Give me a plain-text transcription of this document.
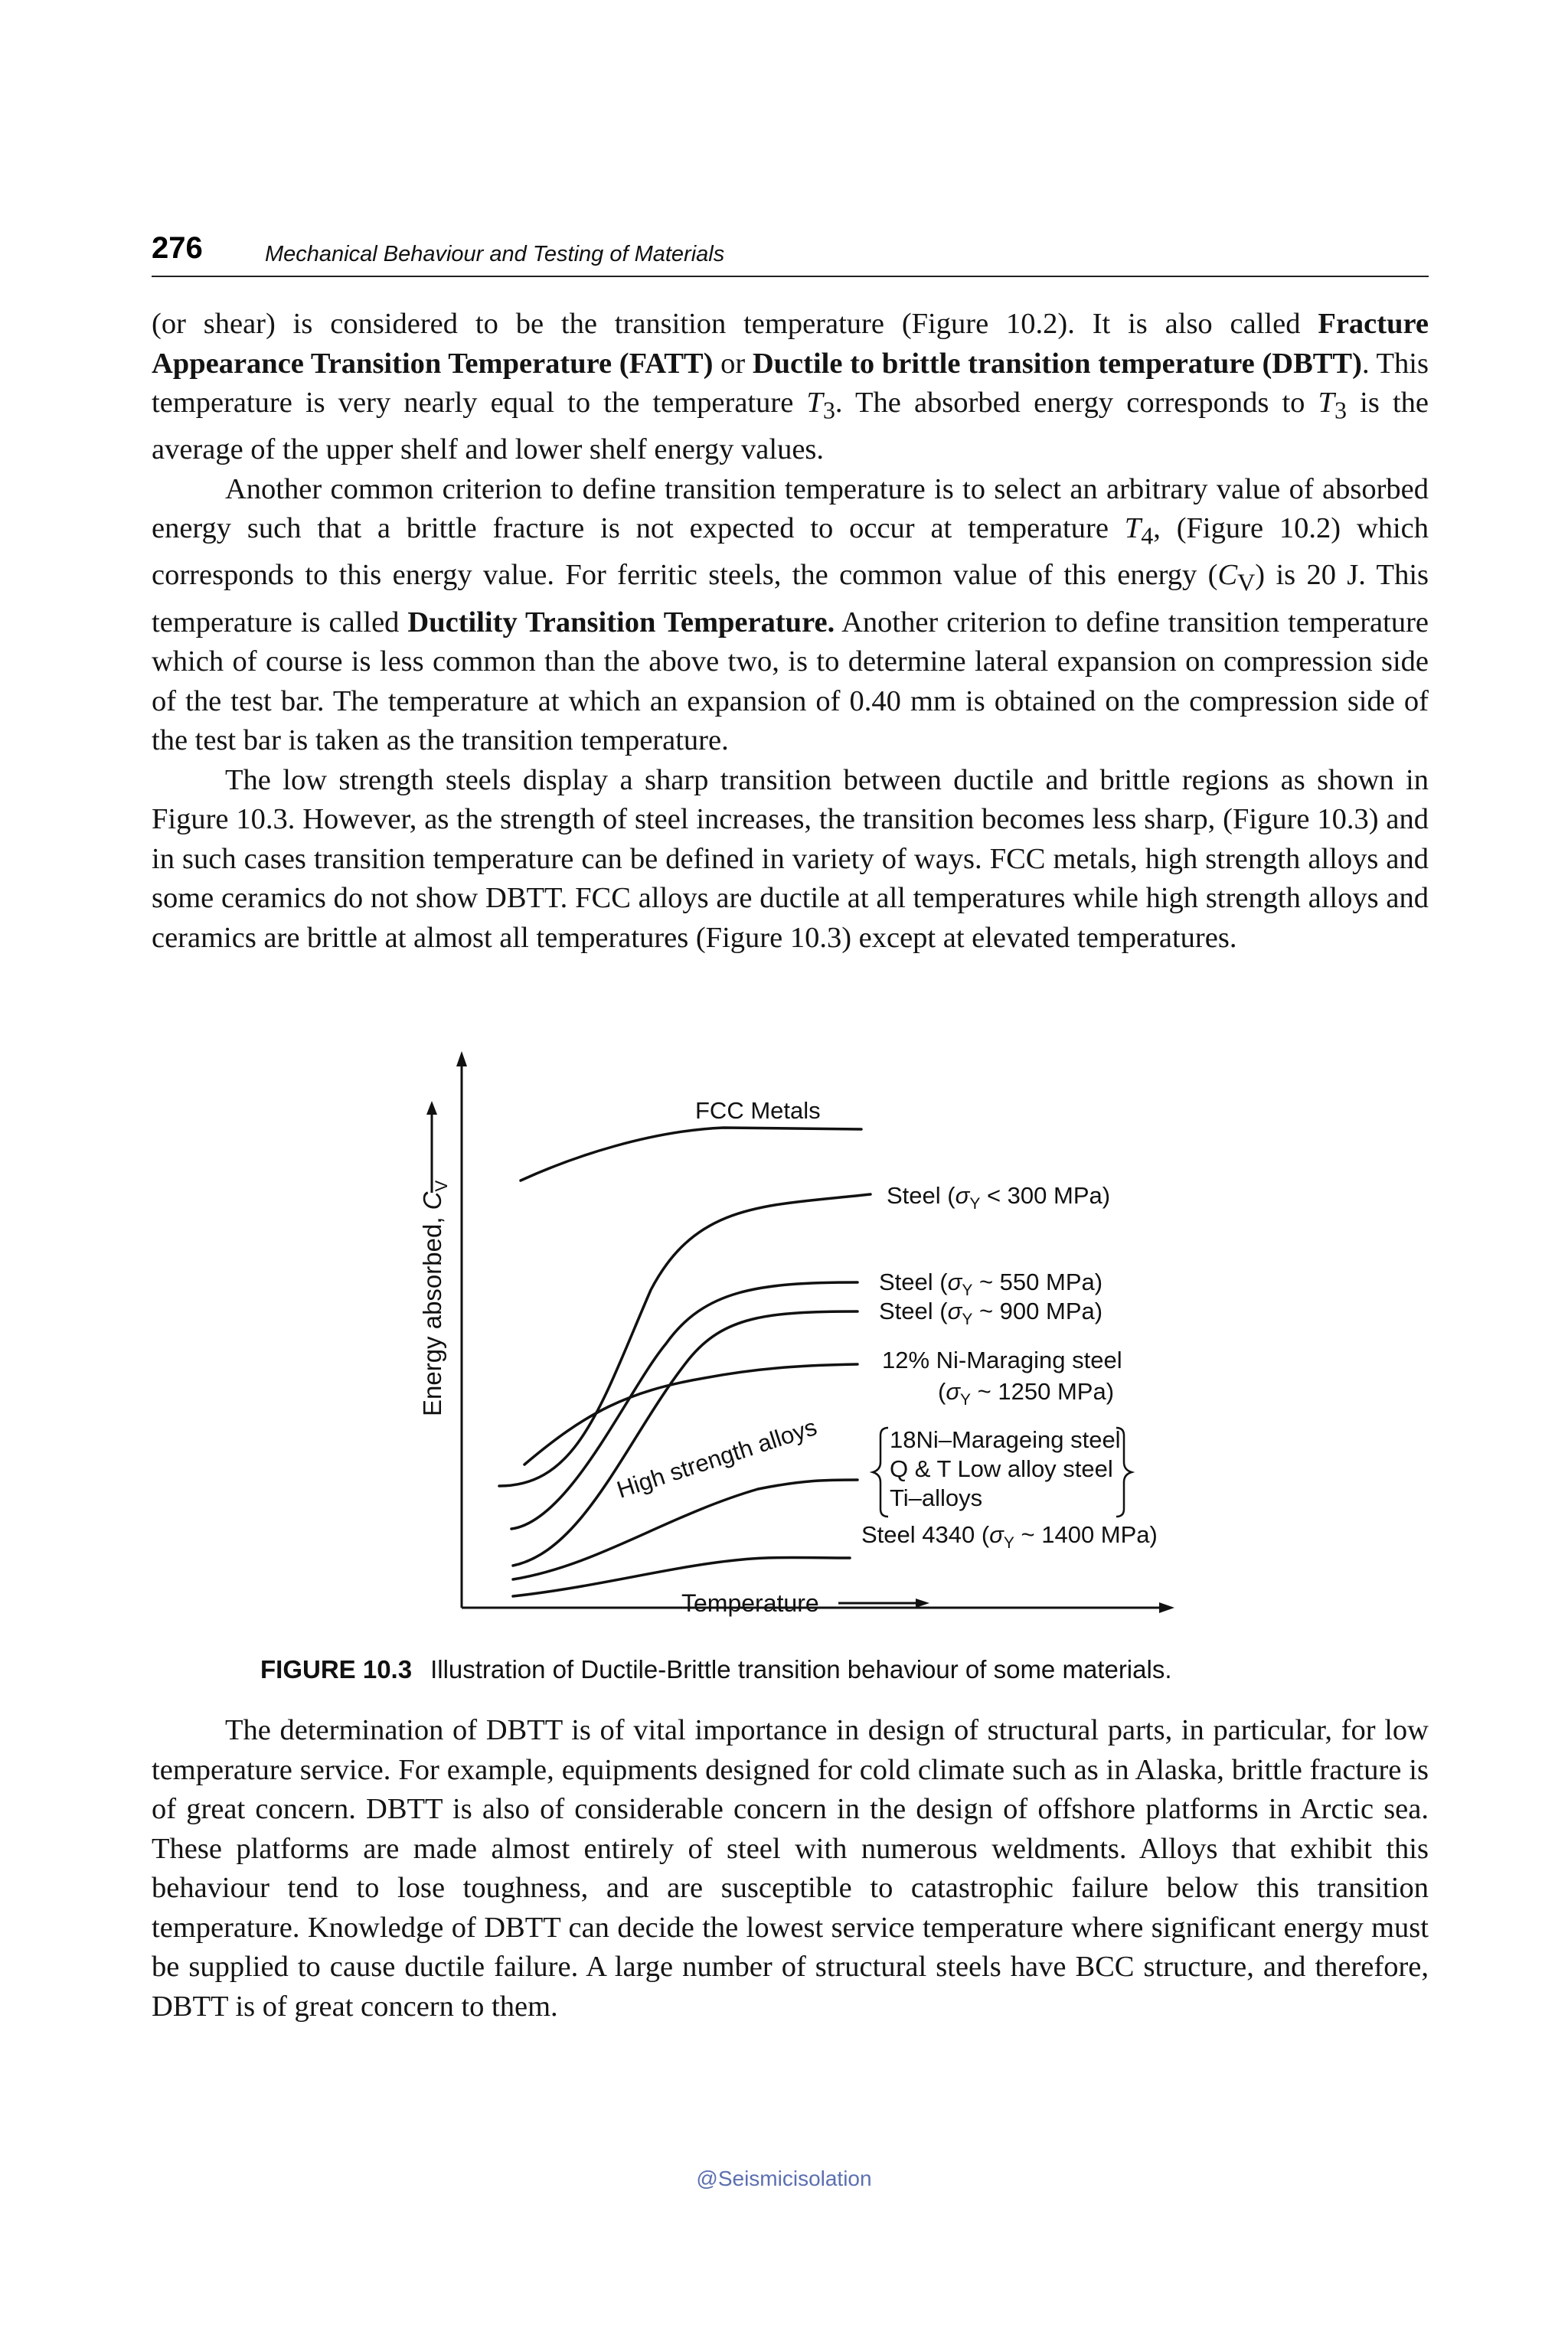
276	Mechanical Behaviour and Testing of Materials

(or shear) is considered to be the transition temperature (Figure 10.2). It is also called Fracture Appearance Transition Temperature (FATT) or Ductile to brittle transition temperature (DBTT). This temperature is very nearly equal to the temperature $T_3$. The absorbed energy corresponds to $T_3$ is the average of the upper shelf and lower shelf energy values.

Another common criterion to define transition temperature is to select an arbitrary value of absorbed energy such that a brittle fracture is not expected to occur at temperature $T_4$, (Figure 10.2) which corresponds to this energy value. For ferritic steels, the common value of this energy $(C_V)$ is 20 J. This temperature is called Ductility Transition Temperature. Another criterion to define transition temperature which of course is less common than the above two, is to determine lateral expansion on compression side of the test bar. The temperature at which an expansion of 0.40 mm is obtained on the compression side of the test bar is taken as the transition temperature.

The low strength steels display a sharp transition between ductile and brittle regions as shown in Figure 10.3. However, as the strength of steel increases, the transition becomes less sharp, (Figure 10.3) and in such cases transition temperature can be defined in variety of ways. FCC metals, high strength alloys and some ceramics do not show DBTT. FCC alloys are ductile at all temperatures while high strength alloys and ceramics are brittle at almost all temperatures (Figure 10.3) except at elevated temperatures.

Energy absorbed, $C_V$
Temperature
FCC Metals
Steel ($\sigma_Y < 300$ MPa)
Steel ($\sigma_Y$ ~ 550 MPa)
Steel ($\sigma_Y$ ~ 900 MPa)
12% Ni-Maraging steel
($\sigma_Y$ ~ 1250 MPa)
18Ni–Marageing steel
Q & T Low alloy steel
Ti–alloys
Steel 4340 ($\sigma_Y$ ~ 1400 MPa)
High strength alloys
FIGURE 10.3 Illustration of Ductile-Brittle transition behaviour of some materials.

The determination of DBTT is of vital importance in design of structural parts, in particular, for low temperature service. For example, equipments designed for cold climate such as in Alaska, brittle fracture is of great concern. DBTT is also of considerable concern in the design of offshore platforms in Arctic sea. These platforms are made almost entirely of steel with numerous weldments. Alloys that exhibit this behaviour tend to lose toughness, and are susceptible to catastrophic failure below this transition temperature. Knowledge of DBTT can decide the lowest service temperature where significant energy must be supplied to cause ductile failure. A large number of structural steels have BCC structure, and therefore, DBTT is of great concern to them.

@Seismicisolation
